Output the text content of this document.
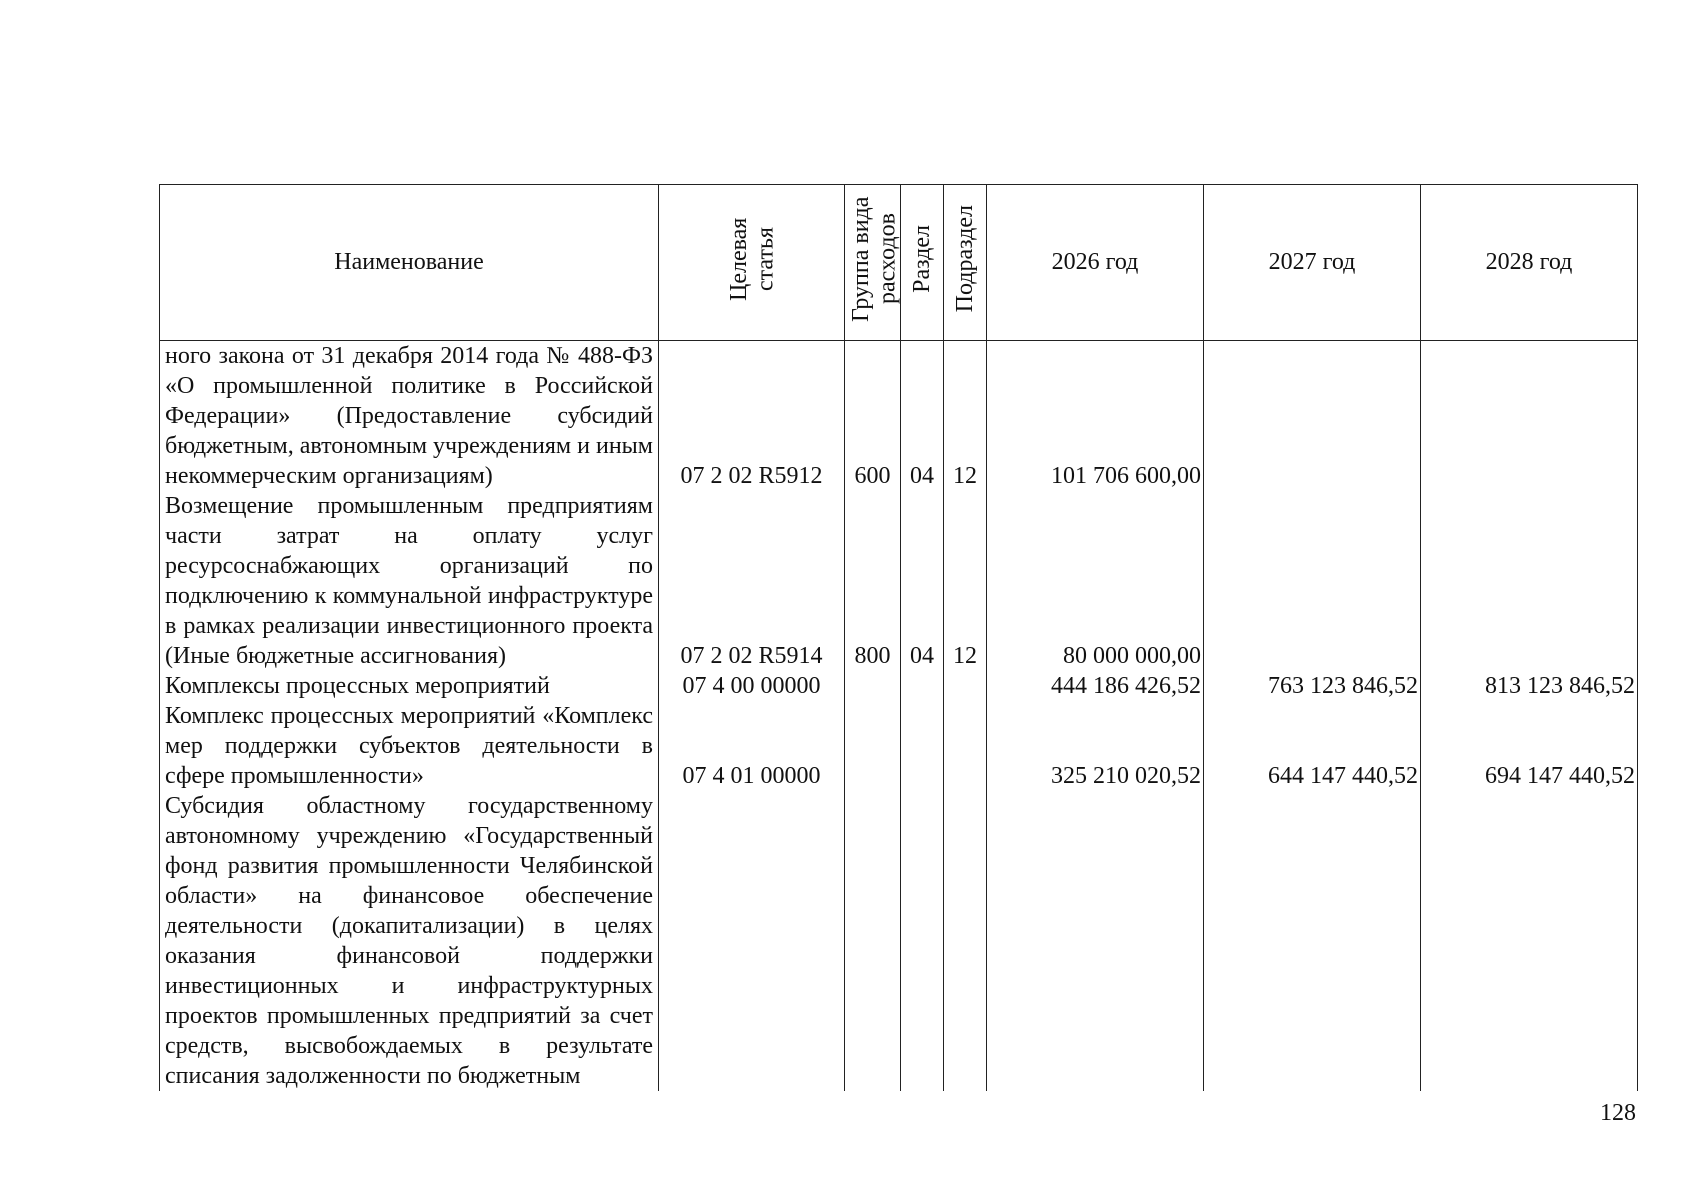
Наименование	Целевая статья	Группа вида расходов	Раздел	Подраздел	2026 год	2027 год	2028 год
ного закона от 31 декабря 2014 года № 488-ФЗ «О промышленной политике в Российской Федерации» (Предоставление субсидий бюджетным, автономным учреждениям и иным некоммерческим организациям)	07 2 02 R5912	600	04	12	101 706 600,00		
Возмещение промышленным предприятиям части затрат на оплату услуг ресурсоснабжающих организаций по подключению к коммунальной инфраструктуре в рамках реализации инвестиционного проекта (Иные бюджетные ассигнования)	07 2 02 R5914	800	04	12	80 000 000,00		
Комплексы процессных мероприятий	07 4 00 00000				444 186 426,52	763 123 846,52	813 123 846,52
Комплекс процессных мероприятий «Комплекс мер поддержки субъектов деятельности в сфере промышленности»	07 4 01 00000				325 210 020,52	644 147 440,52	694 147 440,52
Субсидия областному государственному автономному учреждению «Государственный фонд развития промышленности Челябинской области» на финансовое обеспечение деятельности (докапитализации) в целях оказания финансовой поддержки инвестиционных и инфраструктурных проектов промышленных предприятий за счет средств, высвобождаемых в результате списания задолженности по бюджетным							
128
